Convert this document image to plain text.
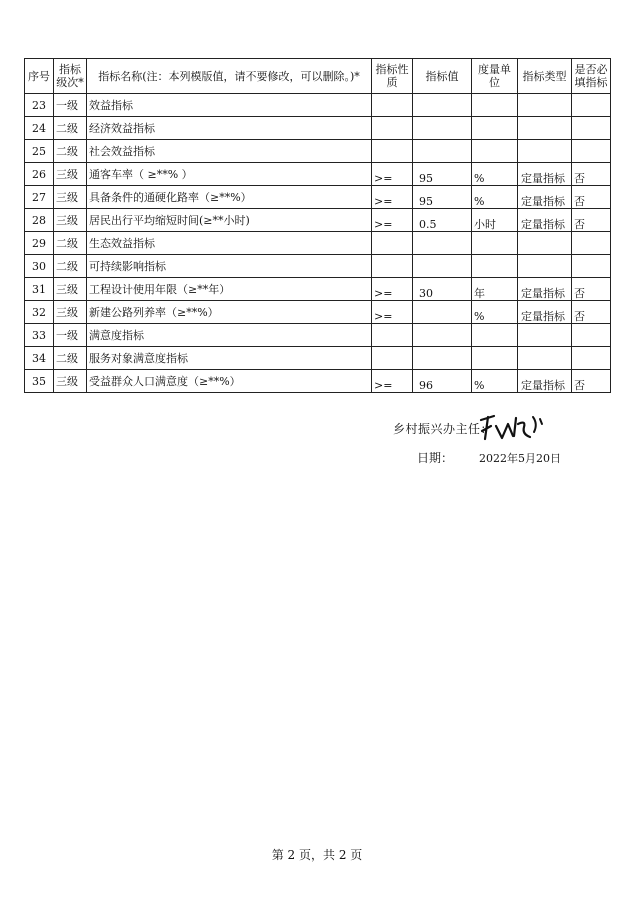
序号	指标级次*	指标名称(注：本列模版值，请不要修改，可以删除。)*	指标性质	指标值	度量单位	指标类型	是否必填指标
23	一级	效益指标					
24	二级	经济效益指标					
25	二级	社会效益指标					
26	三级	通客车率（ ≥**% ）	>=	95	%	定量指标	否
27	三级	具备条件的通硬化路率（≥**%）	>=	95	%	定量指标	否
28	三级	居民出行平均缩短时间(≥**小时)	>=	0.5	小时	定量指标	否
29	二级	生态效益指标					
30	二级	可持续影响指标					
31	三级	工程设计使用年限（≥**年）	>=	30	年	定量指标	否
32	三级	新建公路列养率（≥**%）	>=		%	定量指标	否
33	一级	满意度指标					
34	二级	服务对象满意度指标					
35	三级	受益群众人口满意度（≥**%）	>=	96	%	定量指标	否
乡村振兴办主任：
日期： 2022年5月20日
第 2 页，共 2 页
